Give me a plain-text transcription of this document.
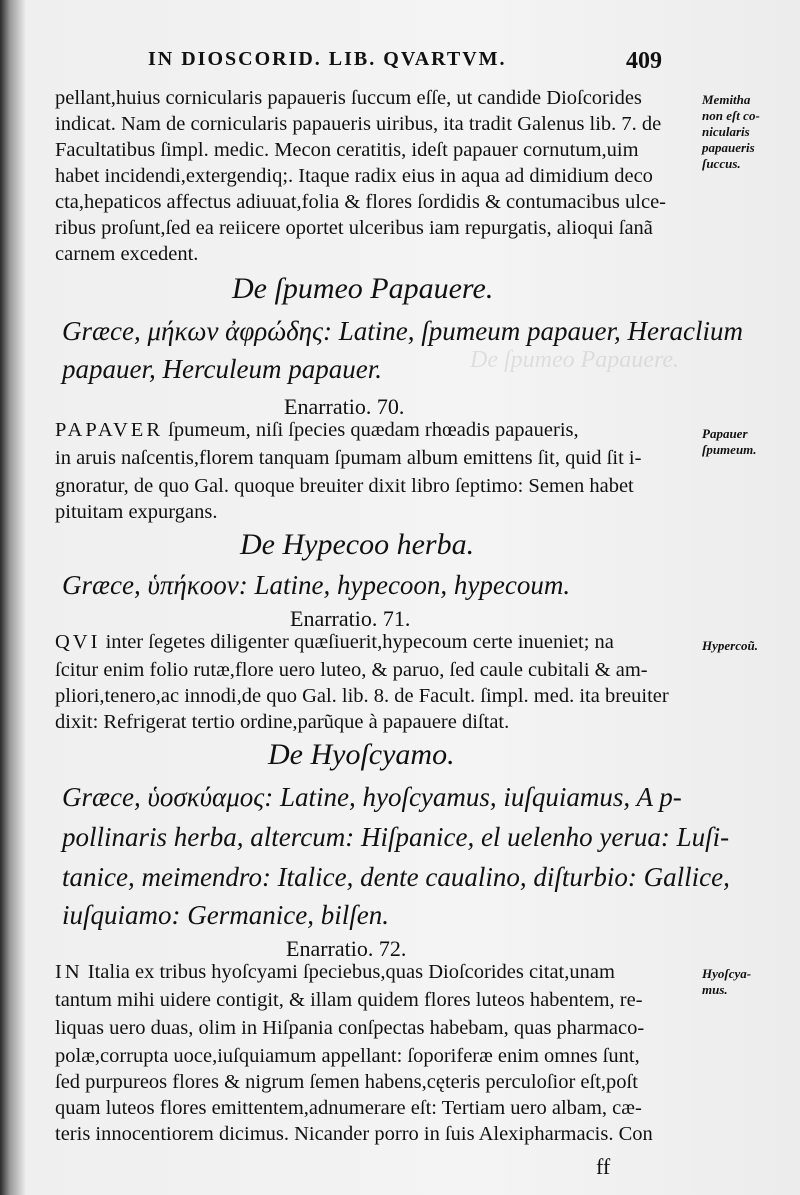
De ſpumeo Papauere.

IN DIOSCORID. LIB. QVARTVM.	409
pellant,huius cornicularis papaueris ſuccum eſſe, ut candide Dioſcorides
indicat. Nam de cornicularis papaueris uiribus, ita tradit Galenus lib. 7. de
Facultatibus ſimpl. medic. Mecon ceratitis, ideſt papauer cornutum,uim
habet incidendi,extergendiq;. Itaque radix eius in aqua ad dimidium deco
cta,hepaticos affectus adiuuat,folia & flores ſordidis & contumacibus ulce-
ribus proſunt,ſed ea reiicere oportet ulceribus iam repurgatis, alioqui ſanã
carnem excedent.
De ſpumeo Papauere.
Græce, μήκων ἀφρώδης: Latine, ſpumeum papauer, Heraclium
papauer, Herculeum papauer.
Enarratio. 70.
PAPAVER ſpumeum, niſi ſpecies quædam rhœadis papaueris,
in aruis naſcentis,florem tanquam ſpumam album emittens ſit, quid ſit i-
gnoratur, de quo Gal. quoque breuiter dixit libro ſeptimo: Semen habet
pituitam expurgans.
De Hypecoo herba.
Græce, ὑπήκοον: Latine, hypecoon, hypecoum.
Enarratio. 71.
QVI inter ſegetes diligenter quæſiuerit,hypecoum certe inueniet; na
ſcitur enim folio rutæ,flore uero luteo, & paruo, ſed caule cubitali & am-
pliori,tenero,ac innodi,de quo Gal. lib. 8. de Facult. ſimpl. med. ita breuiter
dixit: Refrigerat tertio ordine,parũque à papauere diſtat.
De Hyoſcyamo.
Græce, ὑοσκύαμος: Latine, hyoſcyamus, iuſquiamus, A p-
pollinaris herba, altercum: Hiſpanice, el uelenho yerua: Luſi-
tanice, meimendro: Italice, dente caualino, diſturbio: Gallice,
iuſquiamo: Germanice, bilſen.
Enarratio. 72.
IN Italia ex tribus hyoſcyami ſpeciebus,quas Dioſcorides citat,unam
tantum mihi uidere contigit, & illam quidem flores luteos habentem, re-
liquas uero duas, olim in Hiſpania conſpectas habebam, quas pharmaco-
polæ,corrupta uoce,iuſquiamum appellant: ſoporiferæ enim omnes ſunt,
ſed purpureos flores & nigrum ſemen habens,cęteris perculoſior eſt,poſt
quam luteos flores emittentem,adnumerare eſt: Tertiam uero albam, cæ-
teris innocentiorem dicimus. Nicander porro in ſuis Alexipharmacis. Con
ff
Memitha
non eſt co-
nicularis
papaueris
ſuccus.
Papauer
ſpumeum.
Hypercoũ.
Hyoſcya-
mus.
